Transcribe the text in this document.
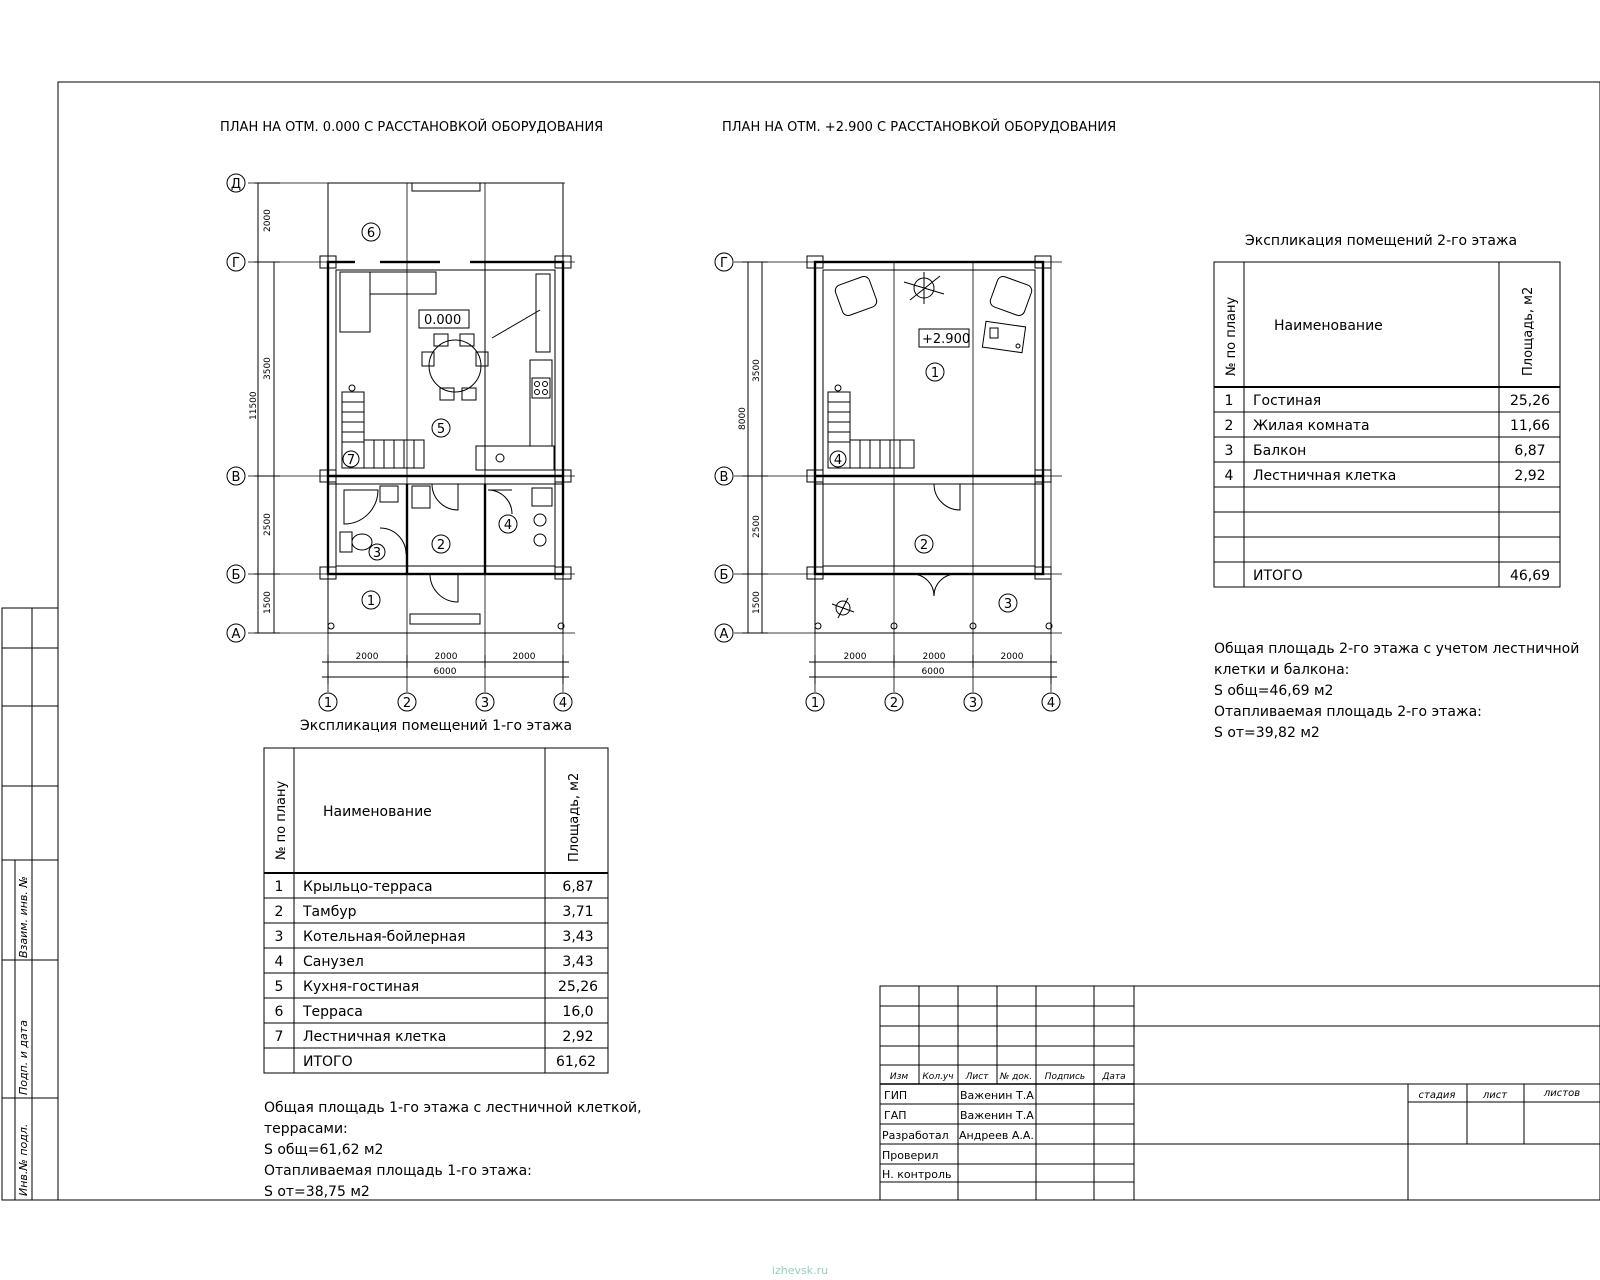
Взаим. инв. №
Подп. и дата
Инв.№ подл.
ПЛАН НА ОТМ. 0.000 С РАССТАНОВКОЙ ОБОРУДОВАНИЯ
0.000
6
5
7
2
3
4
1
2000
3500
11500
2500
1500
Д
Г
В
Б
А
2000	2000	2000
6000
1	2	3	4
ПЛАН НА ОТМ. +2.900 С РАССТАНОВКОЙ ОБОРУДОВАНИЯ
+2.900
1
2
3
4
3500
8000
2500
1500
Г
В
Б
А
2000	2000	2000
6000
1	2	3	4
Экспликация помещений 1-го этажа
№ по плану Наименование	Площадь, м2
1 Крыльцо-терраса	6,87
2 Тамбур	3,71
3 Котельная-бойлерная	3,43
4 Санузел	3,43
5 Кухня-гостиная	25,26
6 Терраса	16,0
7 Лестничная клетка	2,92
ИТОГО	61,62
Общая площадь 1-го этажа с лестничной клеткой,
террасами:
S общ=61,62 м2
Отапливаемая площадь 1-го этажа:
S от=38,75 м2
Экспликация помещений 2-го этажа
№ по плану	Наименование	Площадь, м2
1 Гостиная	25,26
2 Жилая комната	11,66
3 Балкон	6,87
4 Лестничная клетка	2,92
ИТОГО	46,69
Общая площадь 2-го этажа с учетом лестничной
клетки и балкона:
S общ=46,69 м2
Отапливаемая площадь 2-го этажа:
S от=39,82 м2
Изм Кол.уч Лист № док. Подпись Дата
ГИП	Важенин Т.А
ГАП	Важенин Т.А
Разработал Андреев А.А.
Проверил
Н. контроль
стадия	лист	листов
izhevsk.ru
